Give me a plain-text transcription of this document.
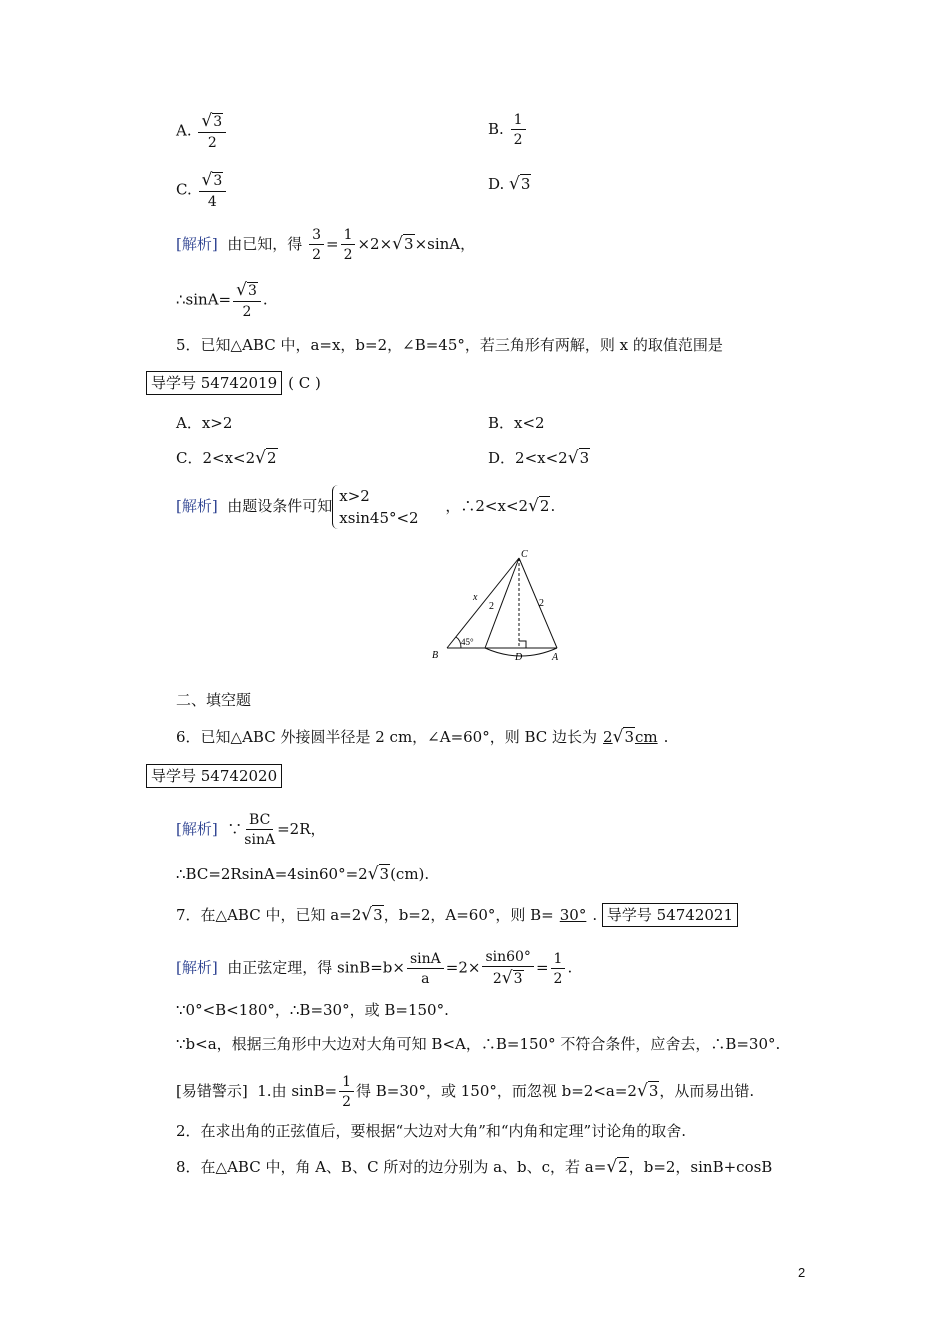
A. $\frac{√3}{2}$	B. $\frac{1}{2}$
C. $\frac{√3}{4}$	D. √3
[解析] 由已知，得 $\frac{3}{2} = \frac{1}{2} \times 2\times√3\times\sin A$，
∴sinA= $\frac{√3}{2}$ .
5．已知△ABC 中，a=x，b=2，∠B=45°，若三角形有两解，则 x 的取值范围是
导学号 54742019 ( C )
A．x>2	B．x<2
C．2<x<2√2	D．2<x<2√3
[解析] 由题设条件可知x>2
xsin45°<2 ，∴2<x<2√2.
C
B	A
D
x
2	2
45°
二、填空题
6．已知△ABC 外接圆半径是 2 cm，∠A=60°，则 BC 边长为 2√3cm .
导学号 54742020
[解析] ∵ $\frac{BC}{\sin A} =2R$，
∴BC=2RsinA=4sin60°=2√3(cm).
7．在△ABC 中，已知 a=2√3，b=2，A=60°，则 B= 30° . 导学号 54742021
[解析] 由正弦定理，得 $\sin B=b\times \frac{\sin A}{a} =2\times \frac{\sin 60^\circ}{2√3} = \frac{1}{2}$ .
∵0°<B<180°，∴B=30°，或 B=150°.
∵b<a，根据三角形中大边对大角可知 B<A，∴B=150° 不符合条件，应舍去，∴B=30°.
[易错警示] 1.由 $\sin B= \frac{1}{2}$ 得 B=30°，或 150°，而忽视 b=2<a=2√3，从而易出错.
2．在求出角的正弦值后，要根据“大边对大角”和“内角和定理”讨论角的取舍.
8．在△ABC 中，角 A、B、C 所对的边分别为 a、b、c，若 a=√2，b=2，sinB+cosB
2
